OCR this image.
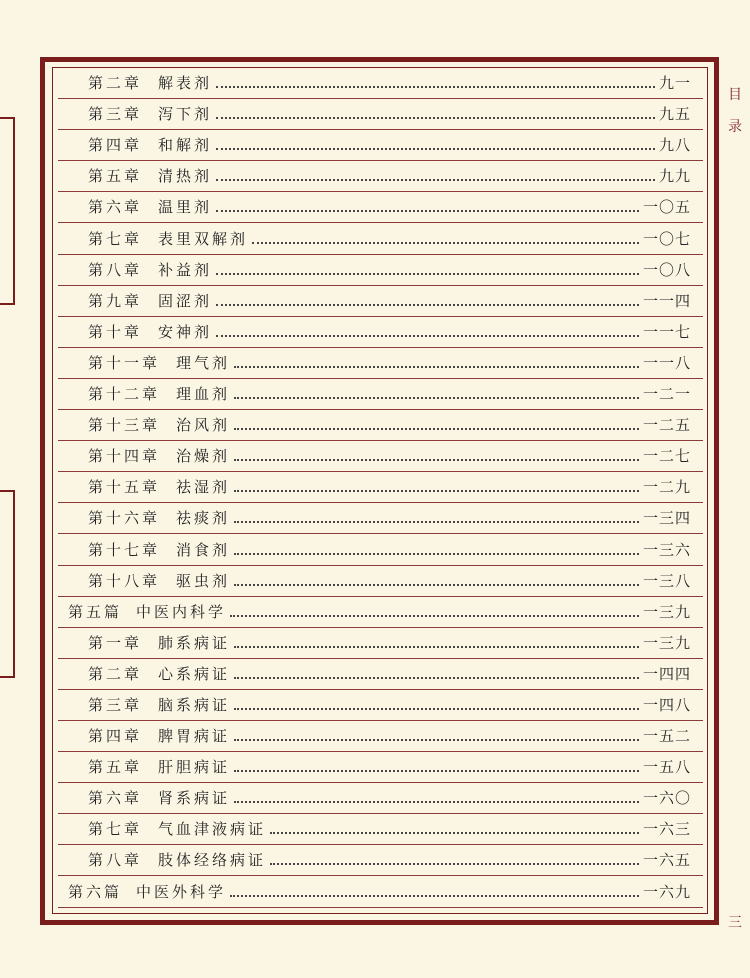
第二章 解表剂	九一
第三章 泻下剂	九五
第四章 和解剂	九八
第五章 清热剂	九九
第六章 温里剂	一〇五
第七章 表里双解剂	一〇七
第八章 补益剂	一〇八
第九章 固涩剂	一一四
第十章 安神剂	一一七
第十一章 理气剂	一一八
第十二章 理血剂	一二一
第十三章 治风剂	一二五
第十四章 治燥剂	一二七
第十五章 祛湿剂	一二九
第十六章 祛痰剂	一三四
第十七章 消食剂	一三六
第十八章 驱虫剂	一三八
第五篇 中医内科学	一三九
第一章 肺系病证	一三九
第二章 心系病证	一四四
第三章 脑系病证	一四八
第四章 脾胃病证	一五二
第五章 肝胆病证	一五八
第六章 肾系病证	一六〇
第七章 气血津液病证	一六三
第八章 肢体经络病证	一六五
第六篇 中医外科学	一六九
目
录
三
